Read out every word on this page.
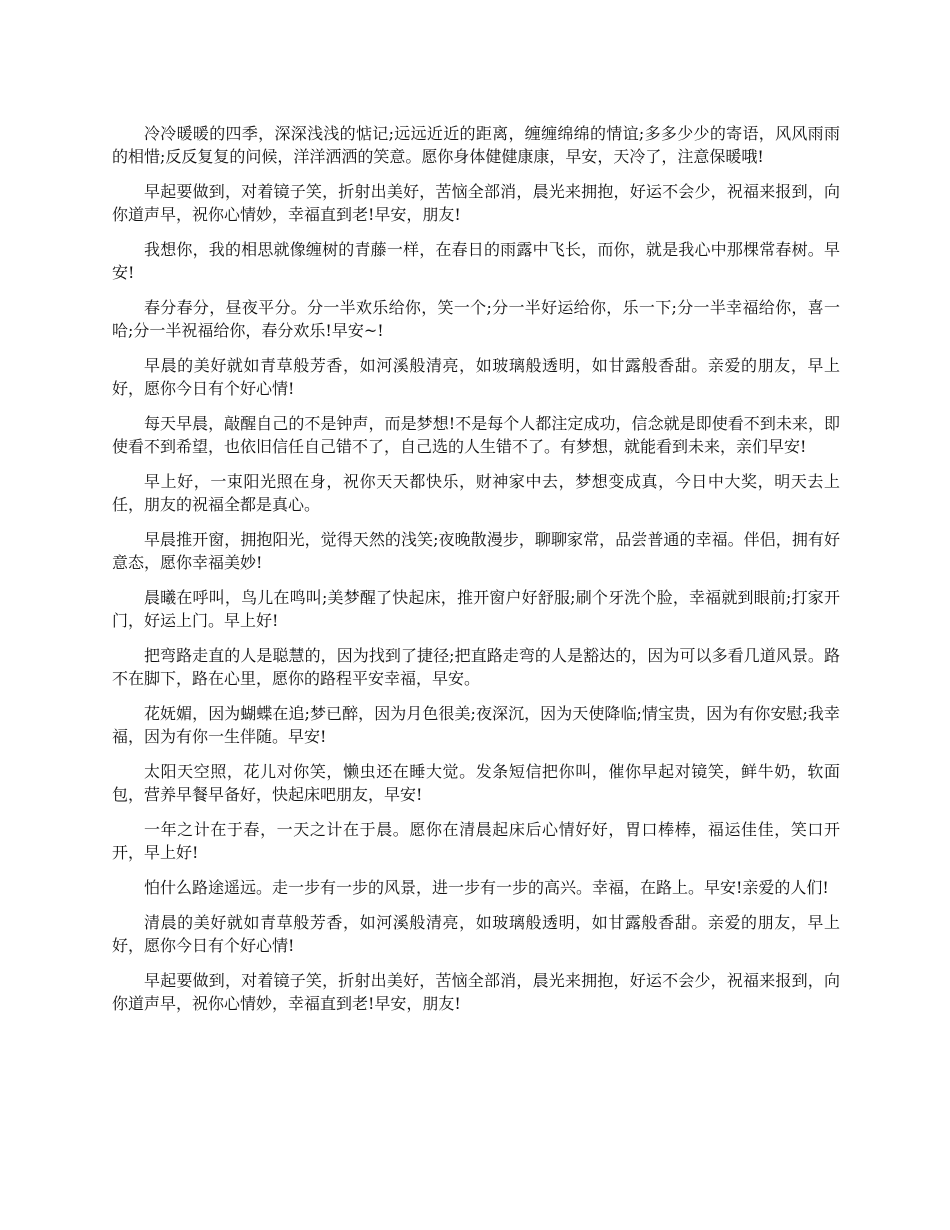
冷冷暖暖的四季，深深浅浅的惦记;远远近近的距离，缠缠绵绵的情谊;多多少少的寄语，风风雨雨的相惜;反反复复的问候，洋洋洒洒的笑意。愿你身体健健康康，早安，天冷了，注意保暖哦!

早起要做到，对着镜子笑，折射出美好，苦恼全部消，晨光来拥抱，好运不会少，祝福来报到，向你道声早，祝你心情妙，幸福直到老!早安，朋友!

我想你，我的相思就像缠树的青藤一样，在春日的雨露中飞长，而你，就是我心中那棵常春树。早安!

春分春分，昼夜平分。分一半欢乐给你，笑一个;分一半好运给你，乐一下;分一半幸福给你，喜一哈;分一半祝福给你，春分欢乐!早安~!

早晨的美好就如青草般芳香，如河溪般清亮，如玻璃般透明，如甘露般香甜。亲爱的朋友，早上好，愿你今日有个好心情!

每天早晨，敲醒自己的不是钟声，而是梦想!不是每个人都注定成功，信念就是即使看不到未来，即使看不到希望，也依旧信任自己错不了，自己选的人生错不了。有梦想，就能看到未来，亲们早安!

早上好，一束阳光照在身，祝你天天都快乐，财神家中去，梦想变成真，今日中大奖，明天去上任，朋友的祝福全都是真心。

早晨推开窗，拥抱阳光，觉得天然的浅笑;夜晚散漫步，聊聊家常，品尝普通的幸福。伴侣，拥有好意态，愿你幸福美妙!

晨曦在呼叫，鸟儿在鸣叫;美梦醒了快起床，推开窗户好舒服;刷个牙洗个脸，幸福就到眼前;打家开门，好运上门。早上好!

把弯路走直的人是聪慧的，因为找到了捷径;把直路走弯的人是豁达的，因为可以多看几道风景。路不在脚下，路在心里，愿你的路程平安幸福，早安。

花妩媚，因为蝴蝶在追;梦已醉，因为月色很美;夜深沉，因为天使降临;情宝贵，因为有你安慰;我幸福，因为有你一生伴随。早安!

太阳天空照，花儿对你笑，懒虫还在睡大觉。发条短信把你叫，催你早起对镜笑，鲜牛奶，软面包，营养早餐早备好，快起床吧朋友，早安!

一年之计在于春，一天之计在于晨。愿你在清晨起床后心情好好，胃口棒棒，福运佳佳，笑口开开，早上好!

怕什么路途遥远。走一步有一步的风景，进一步有一步的高兴。幸福，在路上。早安!亲爱的人们!

清晨的美好就如青草般芳香，如河溪般清亮，如玻璃般透明，如甘露般香甜。亲爱的朋友，早上好，愿你今日有个好心情!

早起要做到，对着镜子笑，折射出美好，苦恼全部消，晨光来拥抱，好运不会少，祝福来报到，向你道声早，祝你心情妙，幸福直到老!早安，朋友!
